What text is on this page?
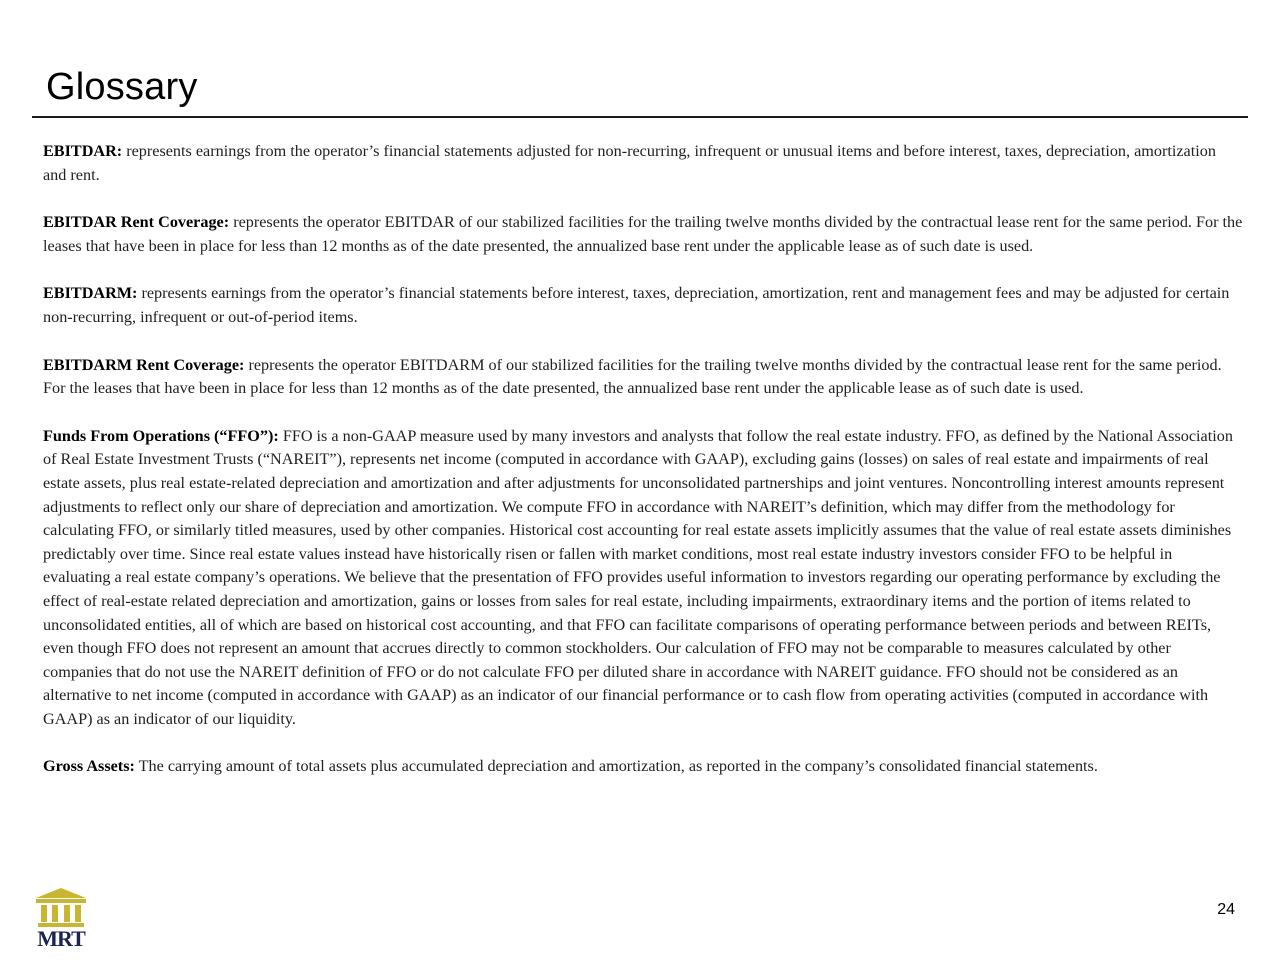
Glossary

EBITDAR: represents earnings from the operator’s financial statements adjusted for non-recurring, infrequent or unusual items and before interest, taxes, depreciation, amortization and rent.

EBITDAR Rent Coverage: represents the operator EBITDAR of our stabilized facilities for the trailing twelve months divided by the contractual lease rent for the same period. For the leases that have been in place for less than 12 months as of the date presented, the annualized base rent under the applicable lease as of such date is used.

EBITDARM: represents earnings from the operator’s financial statements before interest, taxes, depreciation, amortization, rent and management fees and may be adjusted for certain non-recurring, infrequent or out-of-period items.

EBITDARM Rent Coverage: represents the operator EBITDARM of our stabilized facilities for the trailing twelve months divided by the contractual lease rent for the same period. For the leases that have been in place for less than 12 months as of the date presented, the annualized base rent under the applicable lease as of such date is used.

Funds From Operations (“FFO”): FFO is a non-GAAP measure used by many investors and analysts that follow the real estate industry. FFO, as defined by the National Association of Real Estate Investment Trusts (“NAREIT”), represents net income (computed in accordance with GAAP), excluding gains (losses) on sales of real estate and impairments of real estate assets, plus real estate-related depreciation and amortization and after adjustments for unconsolidated partnerships and joint ventures. Noncontrolling interest amounts represent adjustments to reflect only our share of depreciation and amortization. We compute FFO in accordance with NAREIT’s definition, which may differ from the methodology for calculating FFO, or similarly titled measures, used by other companies. Historical cost accounting for real estate assets implicitly assumes that the value of real estate assets diminishes predictably over time. Since real estate values instead have historically risen or fallen with market conditions, most real estate industry investors consider FFO to be helpful in evaluating a real estate company’s operations. We believe that the presentation of FFO provides useful information to investors regarding our operating performance by excluding the effect of real-estate related depreciation and amortization, gains or losses from sales for real estate, including impairments, extraordinary items and the portion of items related to unconsolidated entities, all of which are based on historical cost accounting, and that FFO can facilitate comparisons of operating performance between periods and between REITs, even though FFO does not represent an amount that accrues directly to common stockholders. Our calculation of FFO may not be comparable to measures calculated by other companies that do not use the NAREIT definition of FFO or do not calculate FFO per diluted share in accordance with NAREIT guidance. FFO should not be considered as an alternative to net income (computed in accordance with GAAP) as an indicator of our financial performance or to cash flow from operating activities (computed in accordance with GAAP) as an indicator of our liquidity.

Gross Assets: The carrying amount of total assets plus accumulated depreciation and amortization, as reported in the company’s consolidated financial statements.

MRT
24
